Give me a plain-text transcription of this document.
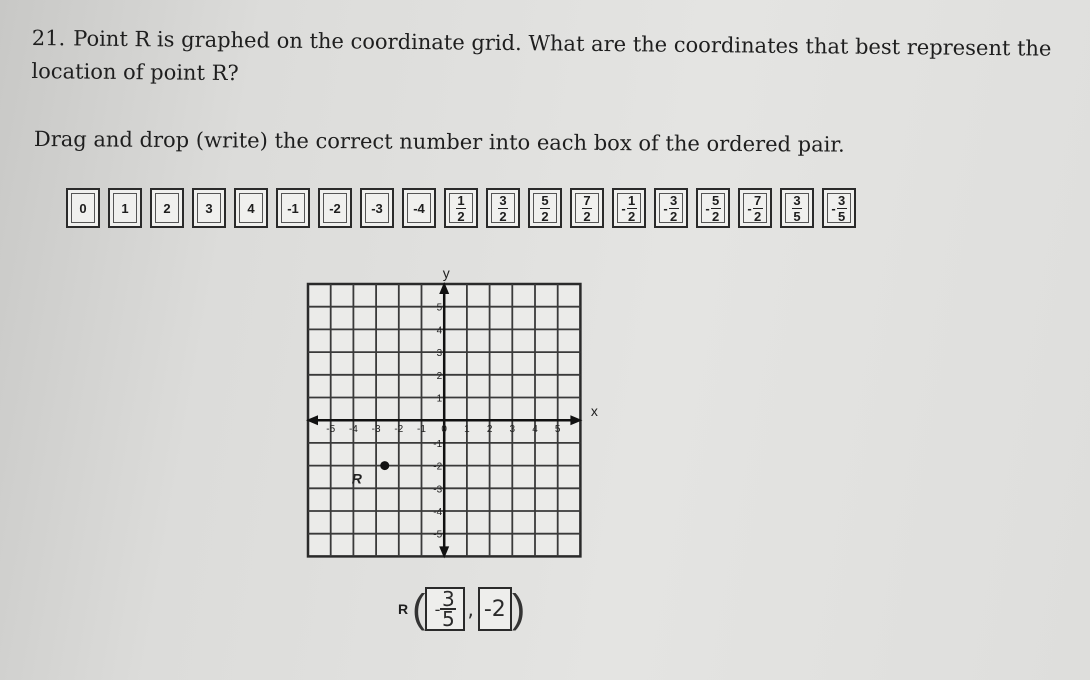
21. Point R is graphed on the coordinate grid. What are the coordinates that best represent the
location of point R?
Drag and drop (write) the correct number into each box of the ordered pair.
0	1	2	3	4	-1 -2 -3 $-4 \frac{1}{2} \frac{3}{2} \frac{5}{2} \frac{7}{2} - \frac{1}{2} - \frac{3}{2} - \frac{5}{2} - \frac{7}{2} \frac{3}{5} - \frac{3}{5}$
x
y
-5 -4 -3 -2 -1 0 1 2 3 4 5
5
4
3
2
1
-1
-2
-3
-4
-5
R
R ( - $\frac{3}{5}$ , -2 )
